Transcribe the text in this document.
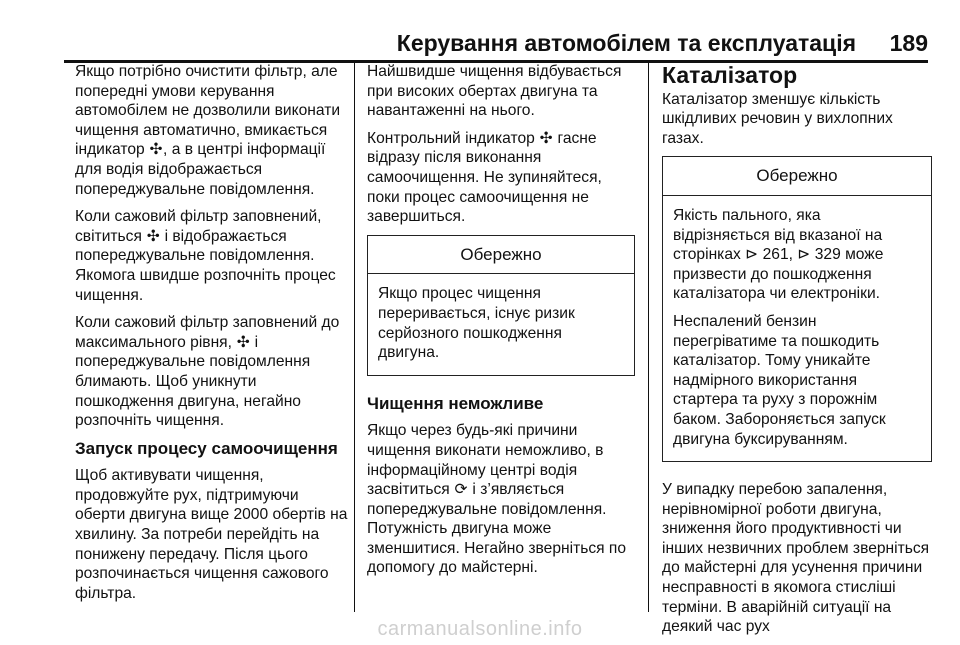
Керування автомобілем та експлуатація 189

Якщо потрібно очистити фільтр, але попередні умови керування автомобілем не дозволили виконати чищення автоматично, вмикається індикатор ✣, а в центрі інформації для водія відображається попереджувальне повідомлення.

Коли сажовий фільтр заповнений, світиться ✣ і відображається попереджувальне повідомлення. Якомога швидше розпочніть процес чищення.

Коли сажовий фільтр заповнений до максимального рівня, ✣ і попереджувальне повідомлення блимають. Щоб уникнути пошкодження двигуна, негайно розпочніть чищення.

Запуск процесу самоочищення

Щоб активувати чищення, продовжуйте рух, підтримуючи оберти двигуна вище 2000 обертів на хвилину. За потреби перейдіть на понижену передачу. Після цього розпочинається чищення сажового фільтра.

Найшвидше чищення відбувається при високих обертах двигуна та навантаженні на нього.

Контрольний індикатор ✣ гасне відразу після виконання самоочищення. Не зупиняйтеся, поки процес самоочищення не завершиться.

Обережно

Якщо процес чищення переривається, існує ризик серйозного пошкодження двигуна.

Чищення неможливе

Якщо через будь-які причини чищення виконати неможливо, в інформаційному центрі водія засвітиться ⟳ і з’являється попереджувальне повідомлення. Потужність двигуна може зменшитися. Негайно зверніться по допомогу до майстерні.

Каталізатор

Каталізатор зменшує кількість шкідливих речовин у вихлопних газах.

Обережно

Якість пального, яка відрізняється від вказаної на сторінках ⊳ 261, ⊳ 329 може призвести до пошкодження каталізатора чи електроніки.

Неспалений бензин перегріватиме та пошкодить каталізатор. Тому уникайте надмірного використання стартера та руху з порожнім баком. Забороняється запуск двигуна буксируванням.

У випадку перебою запалення, нерівномірної роботи двигуна, зниження його продуктивності чи інших незвичних проблем зверніться до майстерні для усунення причини несправності в якомога стисліші терміни. В аварійній ситуації на деякий час рух

carmanualsonline.info
